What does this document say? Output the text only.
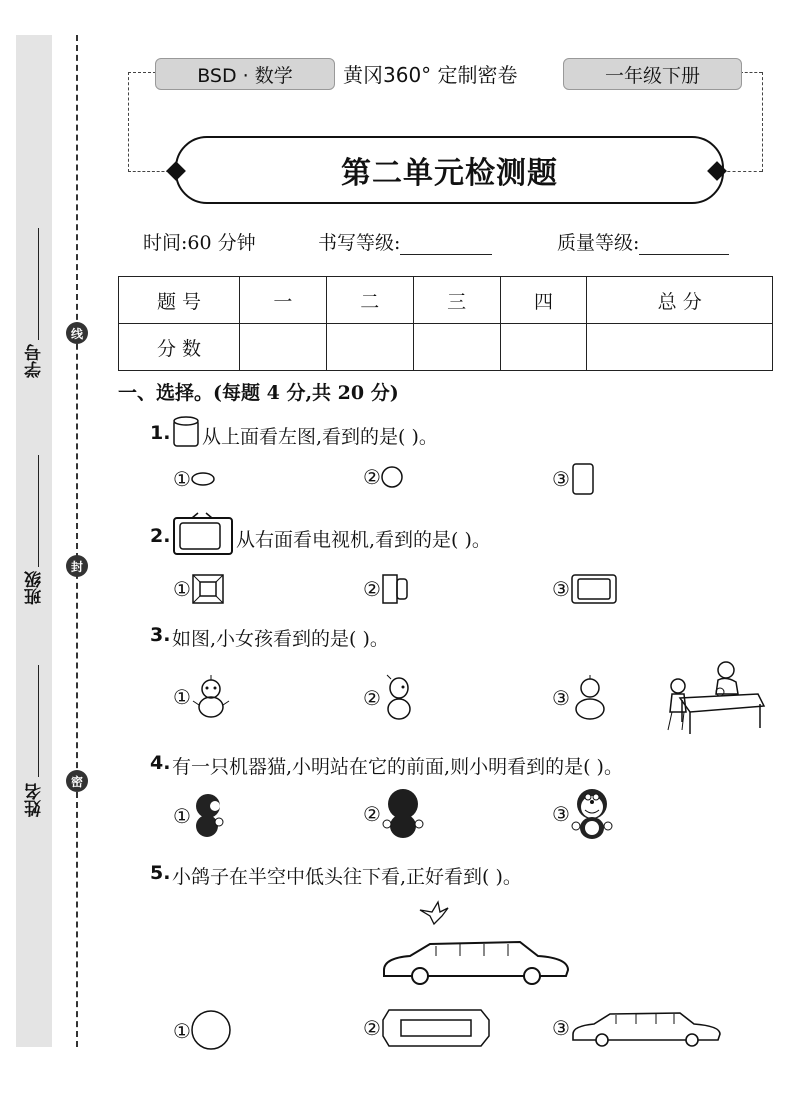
线
封
密
学号
班级
姓名
BSD · 数学	黄冈360° 定制密卷	一年级下册
第二单元检测题
时间:60 分钟	书写等级:	质量等级:
题 号	一	二	三	四	总 分
分 数					
一、选择。(每题 4 分,共 20 分)
1. 从上面看左图,看到的是( )。
①	②	③
2.	从右面看电视机,看到的是( )。
①	②	③
3. 如图,小女孩看到的是( )。
①	②	③
4. 有一只机器猫,小明站在它的前面,则小明看到的是( )。
①	②	③
5. 小鸽子在半空中低头往下看,正好看到( )。
①	②	③
